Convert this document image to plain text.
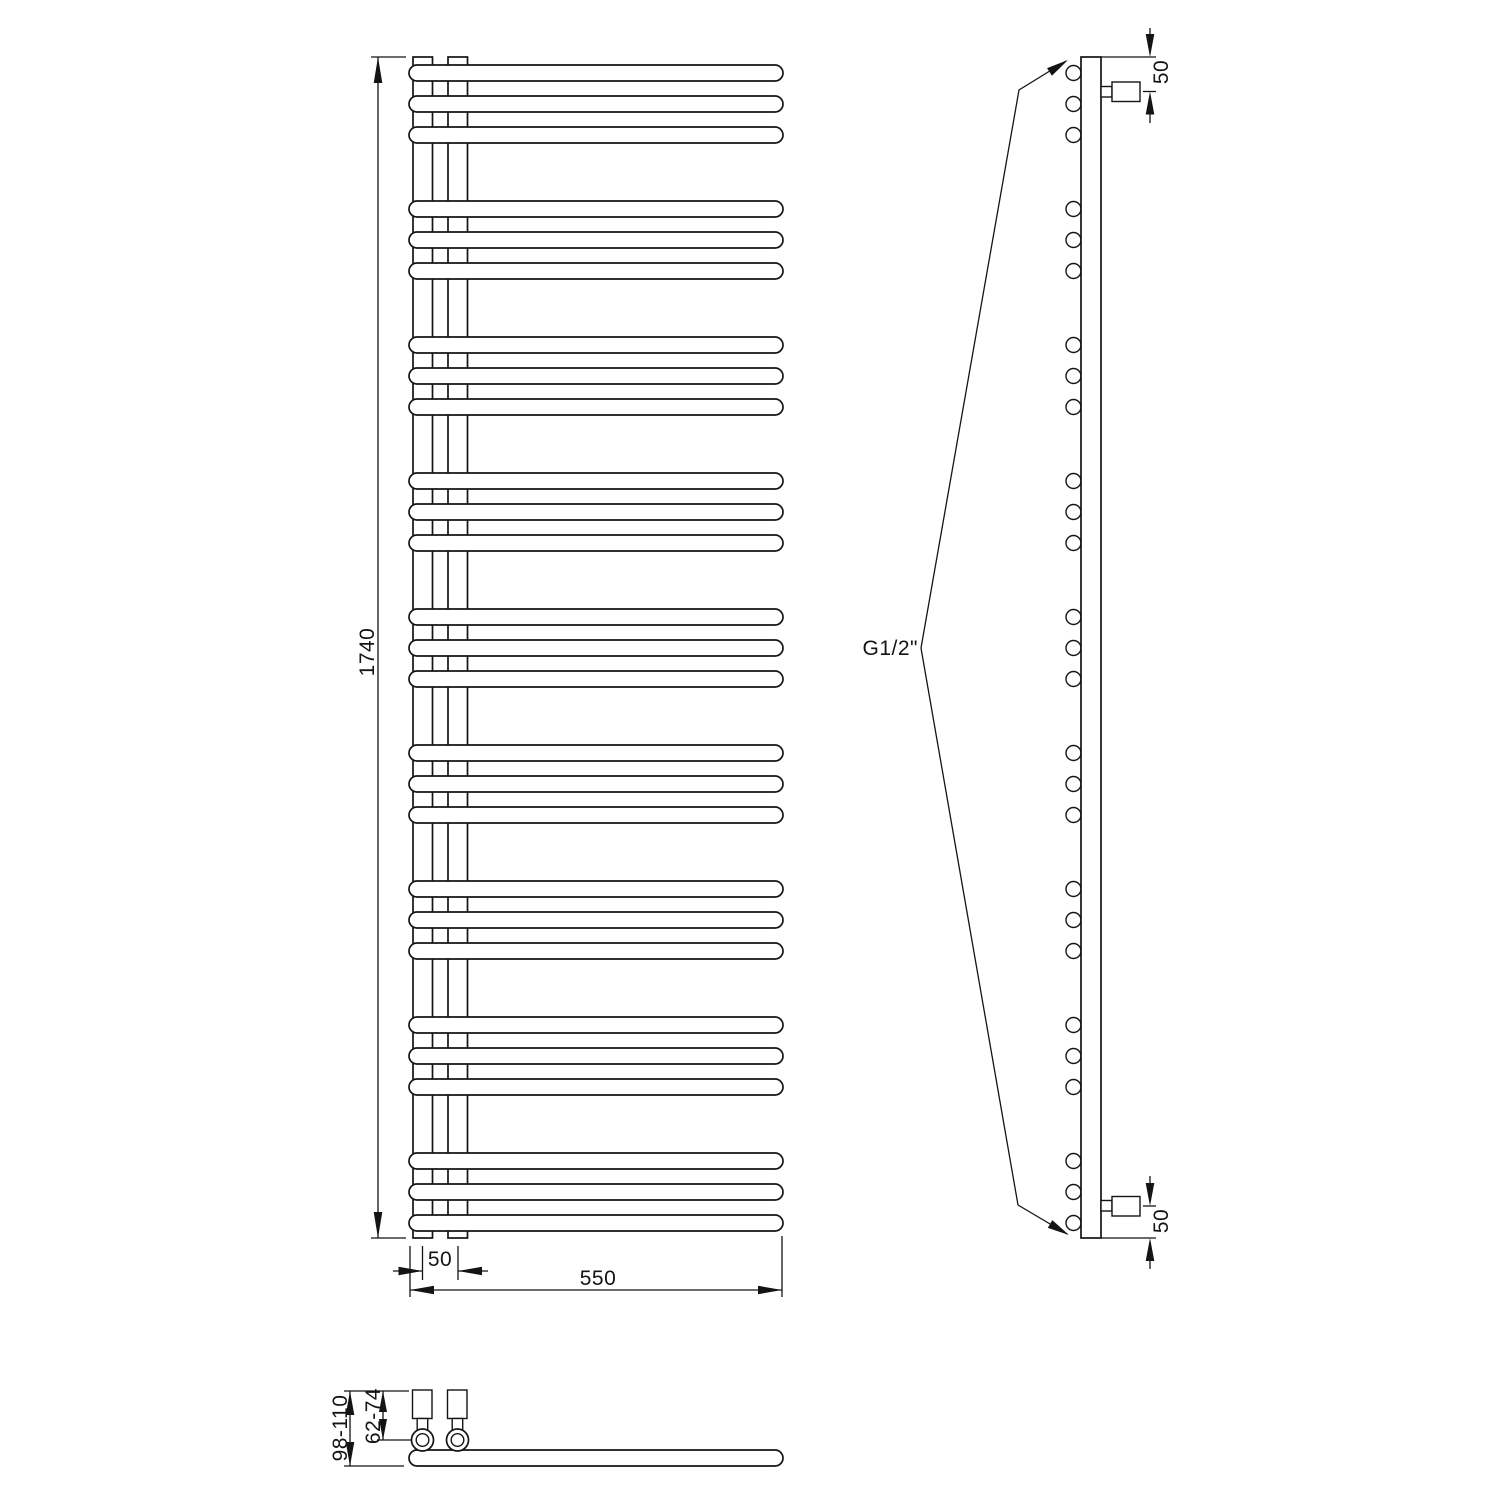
1740
50
550
50
50
G1/2"
98-110 62-74
